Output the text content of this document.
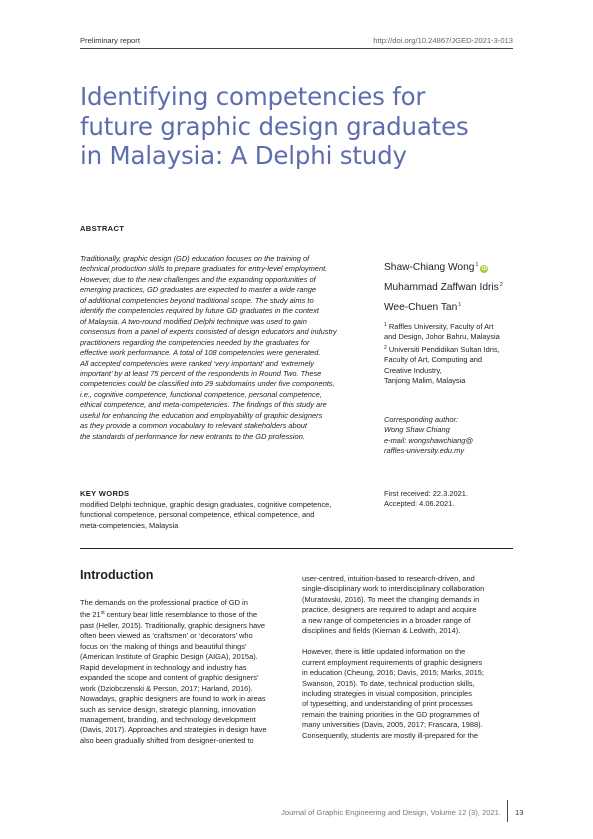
Preliminary report	http://doi.org/10.24867/JGED-2021-3-013
Identifying competencies for
future graphic design graduates
in Malaysia: A Delphi study
ABSTRACT
Traditionally, graphic design (GD) education focuses on the training of
technical production skills to prepare graduates for entry-level employment.
However, due to the new challenges and the expanding opportunities of
emerging practices, GD graduates are expected to master a wide range
of additional competencies beyond traditional scope. The study aims to
identify the competencies required by future GD graduates in the context
of Malaysia. A two-round modified Delphi technique was used to gain
consensus from a panel of experts consisted of design educators and industry
practitioners regarding the competencies needed by the graduates for
effective work performance. A total of 108 competencies were generated.
All accepted competencies were ranked ‘very important’ and ‘extremely
important’ by at least 75 percent of the respondents in Round Two. These
competencies could be classified into 29 subdomains under five components,
i.e., cognitive competence, functional competence, personal competence,
ethical competence, and meta-competencies. The findings of this study are
useful for enhancing the education and employability of graphic designers
as they provide a common vocabulary to relevant stakeholders about
the standards of performance for new entrants to the GD profession.
Shaw-Chiang Wong$^1$iD
Muhammad Zaffwan Idris$^2$
Wee-Chuen Tan$^1$
$^1$ Raffles University, Faculty of Art
and Design, Johor Bahru, Malaysia
$^2$ Universiti Pendidikan Sultan Idris,
Faculty of Art, Computing and
Creative Industry,
Tanjong Malim, Malaysia
Corresponding author:
Wong Shaw Chiang
e-mail: wongshawchiang@
raffles-university.edu.my
KEY WORDS
modified Delphi technique, graphic design graduates, cognitive competence,
functional competence, personal competence, ethical competence, and
meta-competencies, Malaysia
First received: 22.3.2021.
Accepted: 4.06.2021.
Introduction
The demands on the professional practice of GD in
the 21st century bear little resemblance to those of the
past (Heller, 2015). Traditionally, graphic designers have
often been viewed as ‘craftsmen’ or ‘decorators’ who
focus on ‘the making of things and beautiful things’
(American Institute of Graphic Design (AIGA), 2015a).
Rapid development in technology and industry has
expanded the scope and content of graphic designers’
work (Dziobczenski & Person, 2017; Harland, 2016).
Nowadays, graphic designers are found to work in areas
such as service design, strategic planning, innovation
management, branding, and technology development
(Davis, 2017). Approaches and strategies in design have
also been gradually shifted from designer-oriented to
user-centred, intuition-based to research-driven, and
single-disciplinary work to interdisciplinary collaboration
(Muratovski, 2016). To meet the changing demands in
practice, designers are required to adapt and acquire
a new range of competencies in a broader range of
disciplines and fields (Kiernan & Ledwith, 2014).
However, there is little updated information on the
current employment requirements of graphic designers
in education (Cheung, 2016; Davis, 2015; Marks, 2015;
Swanson, 2015). To date, technical production skills,
including strategies in visual composition, principles
of typesetting, and understanding of print processes
remain the training priorities in the GD programmes of
many universities (Davis, 2005, 2017; Frascara, 1988).
Consequently, students are mostly ill-prepared for the
Journal of Graphic Engineering and Design, Volume 12 (3), 2021. 13
